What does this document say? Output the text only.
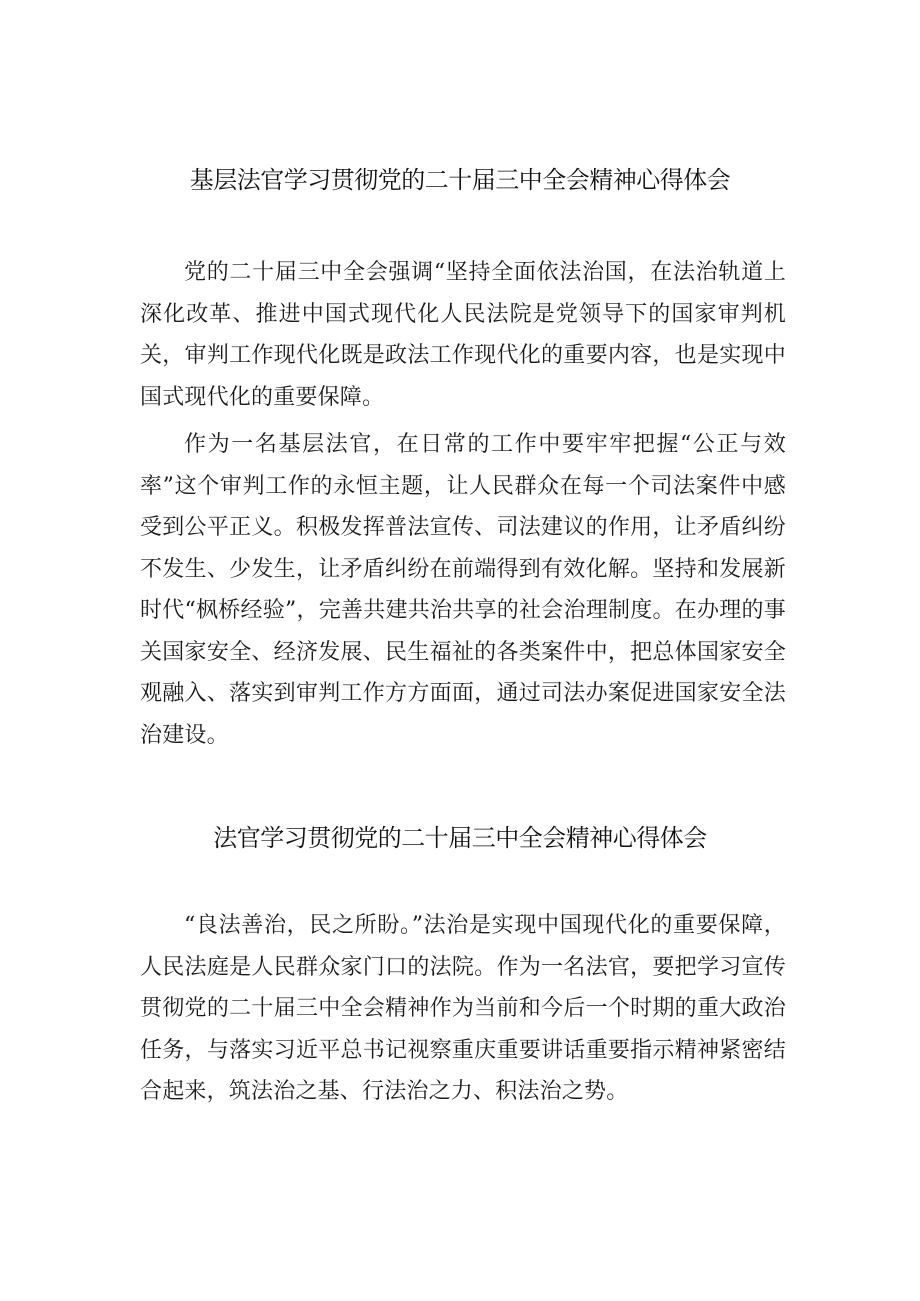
基层法官学习贯彻党的二十届三中全会精神心得体会

党的二十届三中全会强调“坚持全面依法治国，在法治轨道上深化改革、推进中国式现代化人民法院是党领导下的国家审判机关，审判工作现代化既是政法工作现代化的重要内容，也是实现中国式现代化的重要保障。

作为一名基层法官，在日常的工作中要牢牢把握“公正与效率”这个审判工作的永恒主题，让人民群众在每一个司法案件中感受到公平正义。积极发挥普法宣传、司法建议的作用，让矛盾纠纷不发生、少发生，让矛盾纠纷在前端得到有效化解。坚持和发展新时代“枫桥经验”，完善共建共治共享的社会治理制度。在办理的事关国家安全、经济发展、民生福祉的各类案件中，把总体国家安全观融入、落实到审判工作方方面面，通过司法办案促进国家安全法治建设。

法官学习贯彻党的二十届三中全会精神心得体会

“良法善治，民之所盼。”法治是实现中国现代化的重要保障，人民法庭是人民群众家门口的法院。作为一名法官，要把学习宣传贯彻党的二十届三中全会精神作为当前和今后一个时期的重大政治任务，与落实习近平总书记视察重庆重要讲话重要指示精神紧密结合起来，筑法治之基、行法治之力、积法治之势。
